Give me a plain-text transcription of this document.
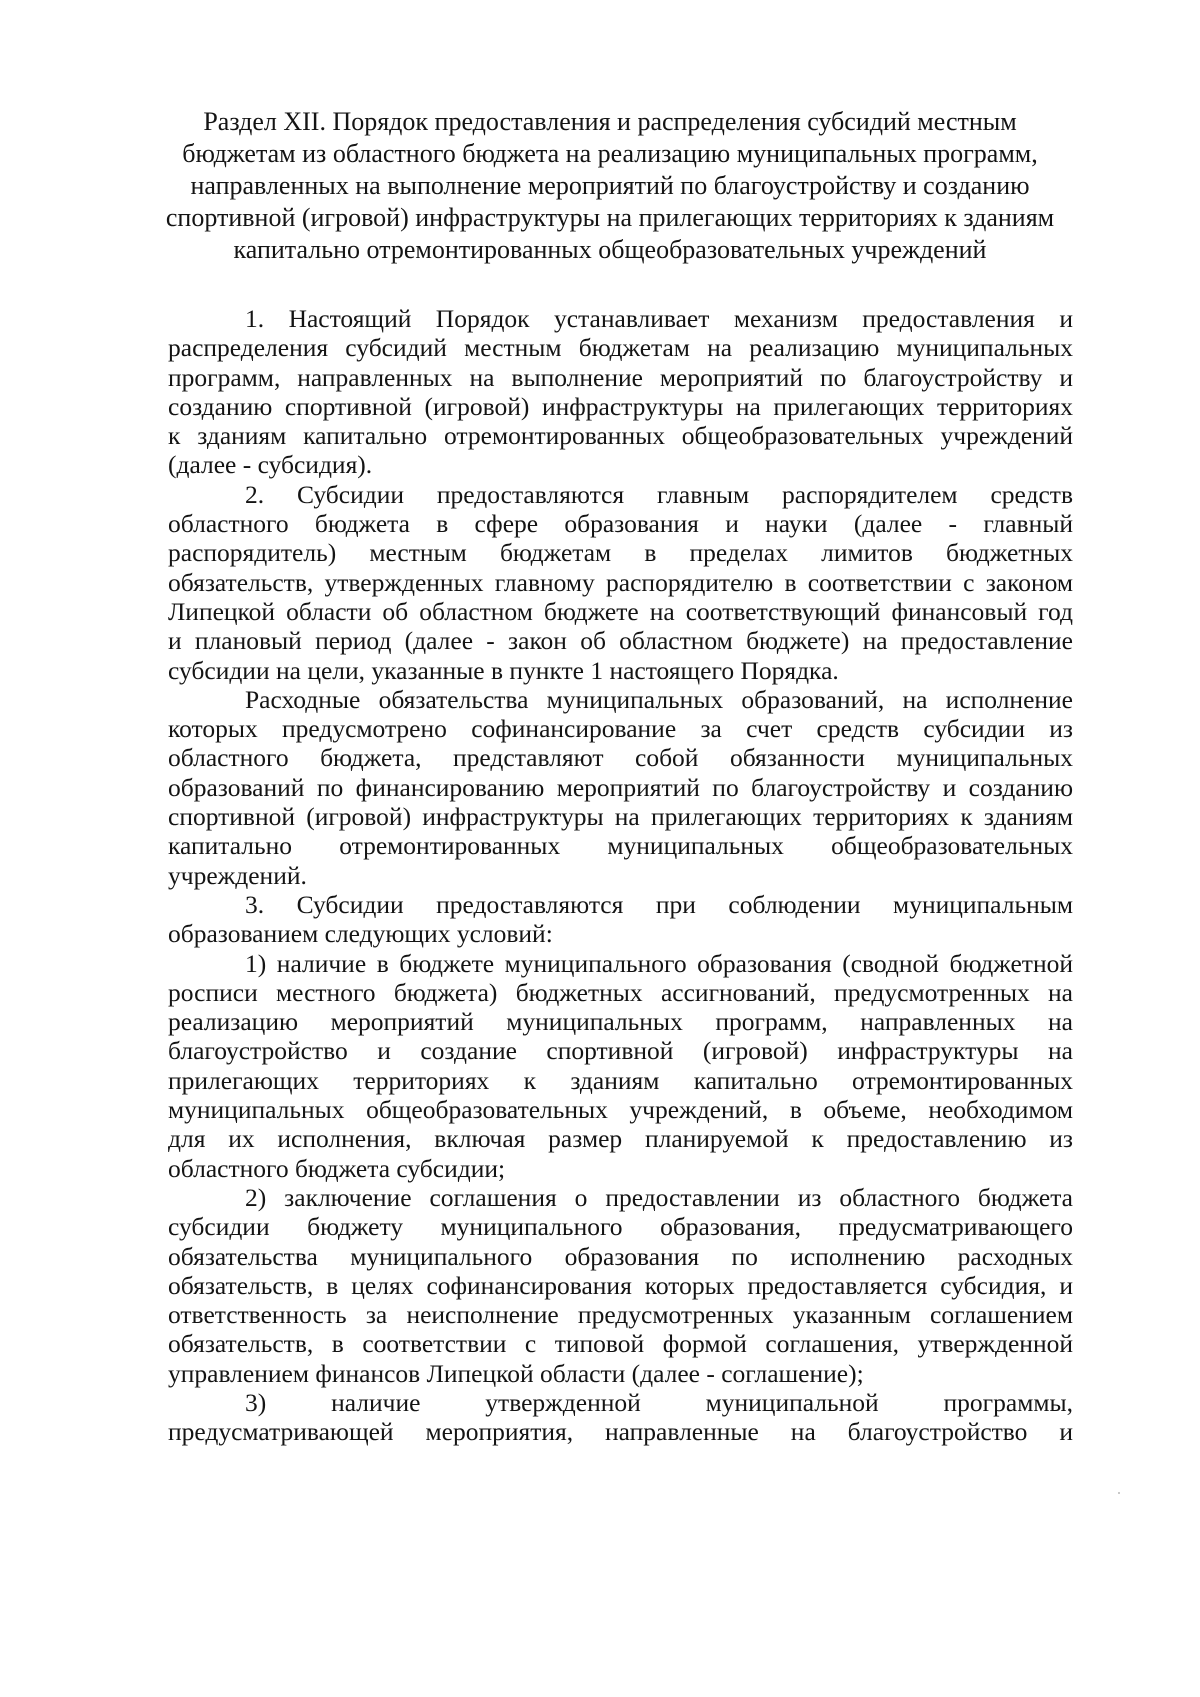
Раздел XII. Порядок предоставления и распределения субсидий местным
бюджетам из областного бюджета на реализацию муниципальных программ,
направленных на выполнение мероприятий по благоустройству и созданию
спортивной (игровой) инфраструктуры на прилегающих территориях к зданиям
капитально отремонтированных общеобразовательных учреждений
1. Настоящий Порядок устанавливает механизм предоставления и
распределения субсидий местным бюджетам на реализацию муниципальных
программ, направленных на выполнение мероприятий по благоустройству и
созданию спортивной (игровой) инфраструктуры на прилегающих территориях
к зданиям капитально отремонтированных общеобразовательных учреждений
(далее - субсидия).
2. Субсидии предоставляются главным распорядителем средств
областного бюджета в сфере образования и науки (далее - главный
распорядитель) местным бюджетам в пределах лимитов бюджетных
обязательств, утвержденных главному распорядителю в соответствии с законом
Липецкой области об областном бюджете на соответствующий финансовый год
и плановый период (далее - закон об областном бюджете) на предоставление
субсидии на цели, указанные в пункте 1 настоящего Порядка.
Расходные обязательства муниципальных образований, на исполнение
которых предусмотрено софинансирование за счет средств субсидии из
областного бюджета, представляют собой обязанности муниципальных
образований по финансированию мероприятий по благоустройству и созданию
спортивной (игровой) инфраструктуры на прилегающих территориях к зданиям
капитально отремонтированных муниципальных общеобразовательных
учреждений.
3. Субсидии предоставляются при соблюдении муниципальным
образованием следующих условий:
1) наличие в бюджете муниципального образования (сводной бюджетной
росписи местного бюджета) бюджетных ассигнований, предусмотренных на
реализацию мероприятий муниципальных программ, направленных на
благоустройство и создание спортивной (игровой) инфраструктуры на
прилегающих территориях к зданиям капитально отремонтированных
муниципальных общеобразовательных учреждений, в объеме, необходимом
для их исполнения, включая размер планируемой к предоставлению из
областного бюджета субсидии;
2) заключение соглашения о предоставлении из областного бюджета
субсидии бюджету муниципального образования, предусматривающего
обязательства муниципального образования по исполнению расходных
обязательств, в целях софинансирования которых предоставляется субсидия, и
ответственность за неисполнение предусмотренных указанным соглашением
обязательств, в соответствии с типовой формой соглашения, утвержденной
управлением финансов Липецкой области (далее - соглашение);
3) наличие утвержденной муниципальной программы,
предусматривающей мероприятия, направленные на благоустройство и
